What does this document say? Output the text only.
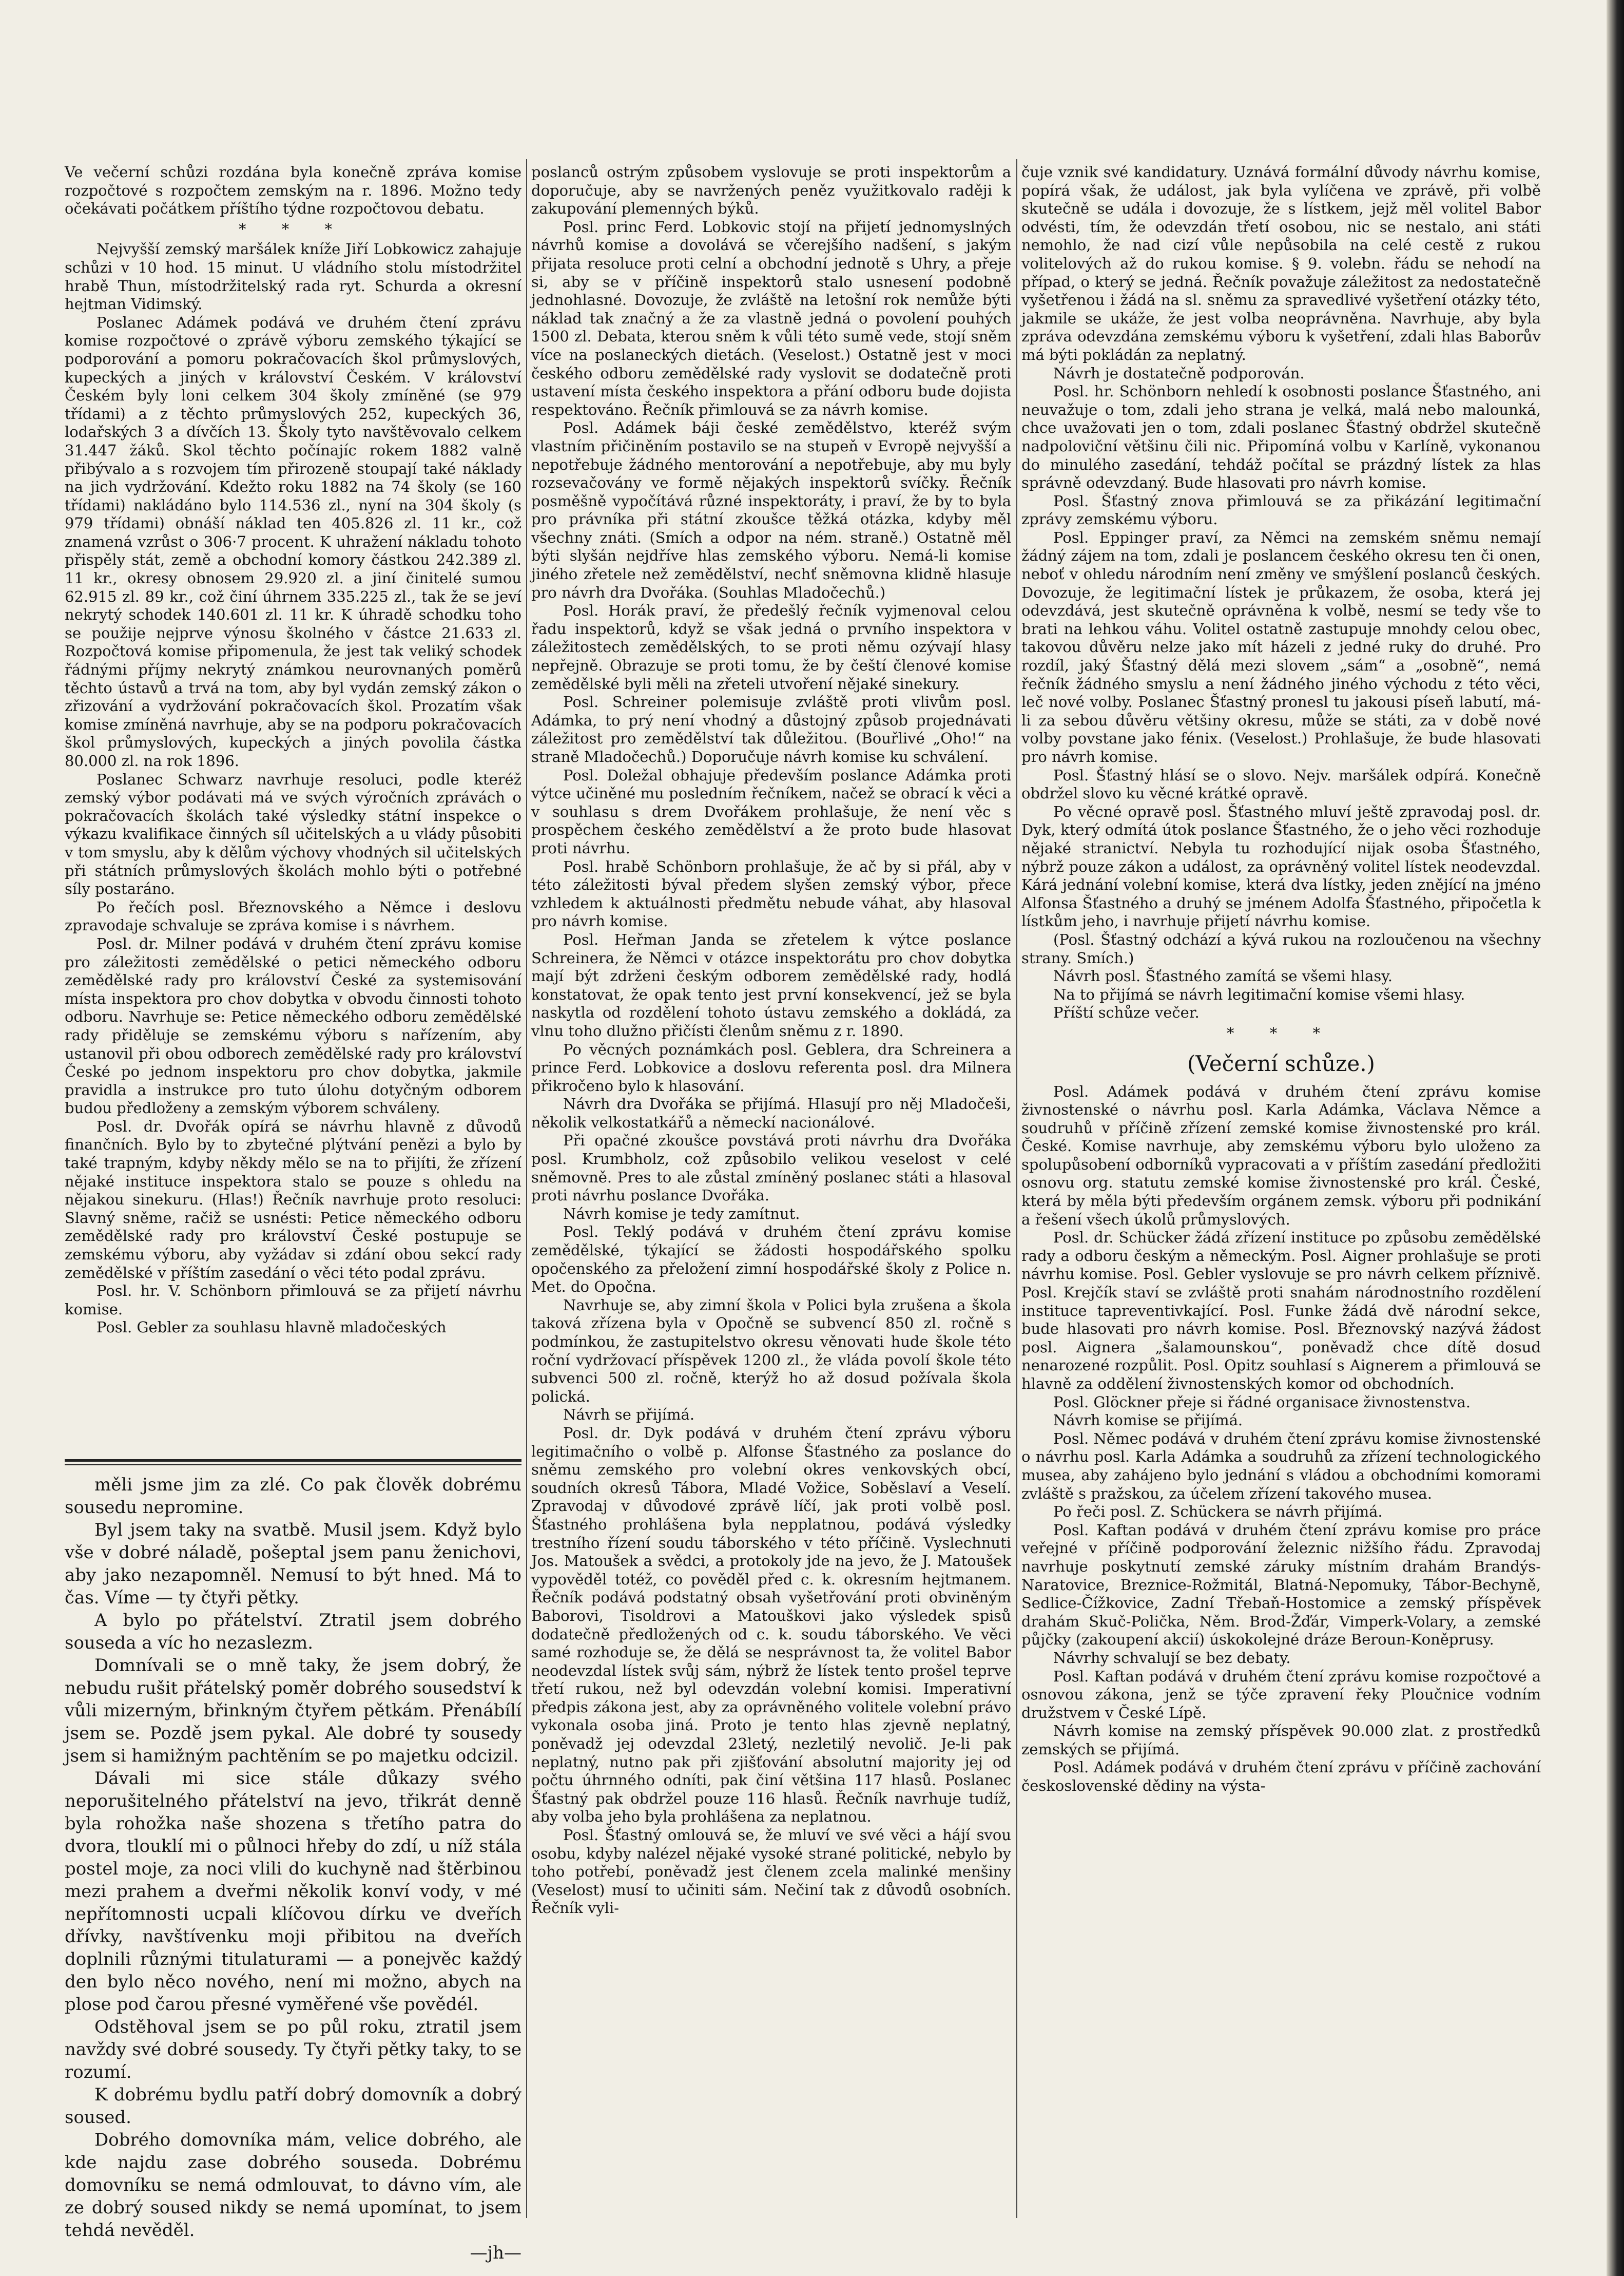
Ve večerní schůzi rozdána byla konečně zpráva komise rozpočtové s rozpočtem zemským na r. 1896. Možno tedy očekávati počátkem příštího týdne rozpočtovou debatu.

* * *

Nejvyšší zemský maršálek kníže Jiří Lobkowicz zahajuje schůzi v 10 hod. 15 minut. U vládního stolu místodržitel hrabě Thun, místodržitelský rada ryt. Schurda a okresní hejtman Vidimský.

Poslanec Adámek podává ve druhém čtení zprávu komise rozpočtové o zprávě výboru zemského týkající se podporování a pomoru pokračovacích škol průmyslových, kupeckých a jiných v království Českém. V království Českém byly loni celkem 304 školy zmíněné (se 979 třídami) a z těchto průmyslových 252, kupeckých 36, lodařských 3 a dívčích 13. Školy tyto navštěvovalo celkem 31.447 žáků. Skol těchto počínajíc rokem 1882 valně přibývalo a s rozvojem tím přirozeně stoupají také náklady na jich vydržování. Kdežto roku 1882 na 74 školy (se 160 třídami) nakládáno bylo 114.536 zl., nyní na 304 školy (s 979 třídami) obnáší náklad ten 405.826 zl. 11 kr., což znamená vzrůst o 306·7 procent. K uhražení nákladu tohoto přispěly stát, země a obchodní komory částkou 242.389 zl. 11 kr., okresy obnosem 29.920 zl. a jiní činitelé sumou 62.915 zl. 89 kr., což činí úhrnem 335.225 zl., tak že se jeví nekrytý schodek 140.601 zl. 11 kr. K úhradě schodku toho se použije nejprve výnosu školného v částce 21.633 zl. Rozpočtová komise připomenula, že jest tak veliký schodek řádnými příjmy nekrytý známkou neurovnaných poměrů těchto ústavů a trvá na tom, aby byl vydán zemský zákon o zřizování a vydržování pokračovacích škol. Prozatím však komise zmíněná navrhuje, aby se na podporu pokračovacích škol průmyslových, kupeckých a jiných povolila částka 80.000 zl. na rok 1896.

Poslanec Schwarz navrhuje resoluci, podle kteréž zemský výbor podávati má ve svých výročních zprávách o pokračovacích školách také výsledky státní inspekce o výkazu kvalifikace činných síl učitelských a u vlády působiti v tom smyslu, aby k dělům výchovy vhodných sil učitelských při státních průmyslových školách mohlo býti o potřebné síly postaráno.

Po řečích posl. Březnovského a Němce i deslovu zpravodaje schvaluje se zpráva komise i s návrhem.

Posl. dr. Milner podává v druhém čtení zprávu komise pro záležitosti zemědělské o petici německého odboru zemědělské rady pro království České za systemisování místa inspektora pro chov dobytka v obvodu činnosti tohoto odboru. Navrhuje se: Petice německého odboru zemědělské rady přiděluje se zemskému výboru s nařízením, aby ustanovil při obou odborech zemědělské rady pro království České po jednom inspektoru pro chov dobytka, jakmile pravidla a instrukce pro tuto úlohu dotyčným odborem budou předloženy a zemským výborem schváleny.

Posl. dr. Dvořák opírá se návrhu hlavně z důvodů finančních. Bylo by to zbytečné plýtvání penězi a bylo by také trapným, kdyby někdy mělo se na to přijíti, že zřízení nějaké instituce inspektora stalo se pouze s ohledu na nějakou sinekuru. (Hlas!) Řečník navrhuje proto resoluci: Slavný sněme, račiž se usnésti: Petice německého odboru zemědělské rady pro království České postupuje se zemskému výboru, aby vyžádav si zdání obou sekcí rady zemědělské v příštím zasedání o věci této podal zprávu.

Posl. hr. V. Schönborn přimlouvá se za přijetí návrhu komise.

Posl. Gebler za souhlasu hlavně mladočeských

měli jsme jim za zlé. Co pak člověk dobrému sousedu nepromine.

Byl jsem taky na svatbě. Musil jsem. Když bylo vše v dobré náladě, pošeptal jsem panu ženichovi, aby jako nezapomněl. Nemusí to být hned. Má to čas. Víme — ty čtyři pětky.

A bylo po přátelství. Ztratil jsem dobrého souseda a víc ho nezaslezm.

Domnívali se o mně taky, že jsem dobrý, že nebudu rušit přátelský poměr dobrého sousedství k vůli mizerným, břinkným čtyřem pětkám. Přenábílí jsem se. Pozdě jsem pykal. Ale dobré ty sousedy jsem si hamižným pachtěním se po majetku odcizil.

Dávali mi sice stále důkazy svého neporušitelného přátelství na jevo, třikrát denně byla rohožka naše shozena s třetího patra do dvora, tlouklí mi o půlnoci hřeby do zdí, u níž stála postel moje, za noci vlili do kuchyně nad štěrbinou mezi prahem a dveřmi několik konví vody, v mé nepřítomnosti ucpali klíčovou dírku ve dveřích dřívky, navštívenku moji přibitou na dveřích doplnili různými titulaturami — a ponejvěc každý den bylo něco nového, není mi možno, abych na plose pod čarou přesné vyměřené vše povědél.

Odstěhoval jsem se po půl roku, ztratil jsem navždy své dobré sousedy. Ty čtyři pětky taky, to se rozumí.

K dobrému bydlu patří dobrý domovník a dobrý soused.

Dobrého domovníka mám, velice dobrého, ale kde najdu zase dobrého souseda. Dobrému domovníku se nemá odmlouvat, to dávno vím, ale ze dobrý soused nikdy se nemá upomínat, to jsem tehdá nevěděl.

—jh—

poslanců ostrým způsobem vyslovuje se proti inspektorům a doporučuje, aby se navržených peněz využitkovalo raději k zakupování plemenných býků.

Posl. princ Ferd. Lobkovic stojí na přijetí jednomyslných návrhů komise a dovolává se včerejšího nadšení, s jakým přijata resoluce proti celní a obchodní jednotě s Uhry, a přeje si, aby se v příčině inspektorů stalo usnesení podobně jednohlasné. Dovozuje, že zvláště na letošní rok nemůže býti náklad tak značný a že za vlastně jedná o povolení pouhých 1500 zl. Debata, kterou sněm k vůli této sumě vede, stojí sněm více na poslaneckých dietách. (Veselost.) Ostatně jest v moci českého odboru zemědělské rady vyslovit se dodatečně proti ustavení místa českého inspektora a přání odboru bude dojista respektováno. Řečník přimlouvá se za návrh komise.

Posl. Adámek báji české zemědělstvo, kteréž svým vlastním přičiněním postavilo se na stupeň v Evropě nejvyšší a nepotřebuje žádného mentorování a nepotřebuje, aby mu byly rozsevačovány ve formě nějakých inspektorů svíčky. Řečník posměšně vypočítává různé inspektoráty, i praví, že by to byla pro právníka při státní zkoušce těžká otázka, kdyby měl všechny znáti. (Smích a odpor na ném. straně.) Ostatně měl býti slyšán nejdříve hlas zemského výboru. Nemá-li komise jiného zřetele než zemědělství, nechť sněmovna klidně hlasuje pro návrh dra Dvořáka. (Souhlas Mladočechů.)

Posl. Horák praví, že předešlý řečník vyjmenoval celou řadu inspektorů, když se však jedná o prvního inspektora v záležitostech zemědělských, to se proti němu ozývají hlasy nepřejně. Obrazuje se proti tomu, že by čeští členové komise zemědělské byli měli na zřeteli utvoření nějaké sinekury.

Posl. Schreiner polemisuje zvláště proti vlivům posl. Adámka, to prý není vhodný a důstojný způsob projednávati záležitost pro zemědělství tak důležitou. (Bouřlivé „Oho!“ na straně Mladočechů.) Doporučuje návrh komise ku schválení.

Posl. Doležal obhajuje především poslance Adámka proti výtce učiněné mu posledním řečníkem, načež se obrací k věci a v souhlasu s drem Dvořákem prohlašuje, že není věc s prospěchem českého zemědělství a že proto bude hlasovat proti návrhu.

Posl. hrabě Schönborn prohlašuje, že ač by si přál, aby v této záležitosti býval předem slyšen zemský výbor, přece vzhledem k aktuálnosti předmětu nebude váhat, aby hlasoval pro návrh komise.

Posl. Heřman Janda se zřetelem k výtce poslance Schreinera, že Němci v otázce inspektorátu pro chov dobytka mají být zdrženi českým odborem zemědělské rady, hodlá konstatovat, že opak tento jest první konsekvencí, jež se byla naskytla od rozdělení tohoto ústavu zemského a dokládá, za vlnu toho dlužno přičísti členům sněmu z r. 1890.

Po věcných poznámkách posl. Geblera, dra Schreinera a prince Ferd. Lobkovice a doslovu referenta posl. dra Milnera přikročeno bylo k hlasování.

Návrh dra Dvořáka se přijímá. Hlasují pro něj Mladočeši, několik velkostatkářů a německí nacionálové.

Při opačné zkoušce povstává proti návrhu dra Dvořáka posl. Krumbholz, což způsobilo velikou veselost v celé sněmovně. Pres to ale zůstal zmíněný poslanec státi a hlasoval proti návrhu poslance Dvořáka.

Návrh komise je tedy zamítnut.

Posl. Teklý podává v druhém čtení zprávu komise zemědělské, týkající se žádosti hospodářského spolku opočenského za přeložení zimní hospodářské školy z Police n. Met. do Opočna.

Navrhuje se, aby zimní škola v Polici byla zrušena a škola taková zřízena byla v Opočně se subvencí 850 zl. ročně s podmínkou, že zastupitelstvo okresu věnovati hude škole této roční vydržovací příspěvek 1200 zl., že vláda povolí škole této subvenci 500 zl. ročně, kterýž ho až dosud požívala škola polická.

Návrh se přijímá.

Posl. dr. Dyk podává v druhém čtení zprávu výboru legitimačního o volbě p. Alfonse Šťastného za poslance do sněmu zemského pro volební okres venkovských obcí, soudních okresů Tábora, Mladé Vožice, Soběslaví a Veselí. Zpravodaj v důvodové zprávě líčí, jak proti volbě posl. Šťastného prohlášena byla nepplatnou, podává výsledky trestního řízení soudu táborského v této příčině. Vyslechnuti Jos. Matoušek a svědci, a protokoly jde na jevo, že J. Matoušek vypověděl totéž, co pověděl před c. k. okresním hejtmanem. Řečník podává podstatný obsah vyšetřování proti obviněným Baborovi, Tisoldrovi a Matouškovi jako výsledek spisů dodatečně předložených od c. k. soudu táborského. Ve věci samé rozhoduje se, že dělá se nesprávnost ta, že volitel Babor neodevzdal lístek svůj sám, nýbrž že lístek tento prošel teprve třetí rukou, než byl odevzdán volební komisi. Imperativní předpis zákona jest, aby za oprávněného volitele volební právo vykonala osoba jiná. Proto je tento hlas zjevně neplatný, poněvadž jej odevzdal 23letý, nezletilý nevolič. Je-li pak neplatný, nutno pak při zjišťování absolutní majority jej od počtu úhrnného odníti, pak činí většina 117 hlasů. Poslanec Šťastný pak obdržel pouze 116 hlasů. Řečník navrhuje tudíž, aby volba jeho byla prohlášena za neplatnou.

Posl. Šťastný omlouvá se, že mluví ve své věci a hájí svou osobu, kdyby nalézel nějaké vysoké strané politické, nebylo by toho potřebí, poněvadž jest členem zcela malinké menšiny (Veselost) musí to učiniti sám. Nečiní tak z důvodů osobních. Řečník vyli-

čuje vznik své kandidatury. Uznává formální důvody návrhu komise, popírá však, že událost, jak byla vylíčena ve zprávě, při volbě skutečně se udála i dovozuje, že s lístkem, jejž měl volitel Babor odvésti, tím, že odevzdán třetí osobou, nic se nestalo, ani státi nemohlo, že nad cizí vůle nepůsobila na celé cestě z rukou volitelových až do rukou komise. § 9. volebn. řádu se nehodí na případ, o který se jedná. Řečník považuje záležitost za nedostatečně vyšetřenou i žádá na sl. sněmu za spravedlivé vyšetření otázky této, jakmile se ukáže, že jest volba neoprávněna. Navrhuje, aby byla zpráva odevzdána zemskému výboru k vyšetření, zdali hlas Baborův má býti pokládán za neplatný.

Návrh je dostatečně podporován.

Posl. hr. Schönborn nehledí k osobnosti poslance Šťastného, ani neuvažuje o tom, zdali jeho strana je velká, malá nebo malounká, chce uvažovati jen o tom, zdali poslanec Šťastný obdržel skutečně nadpoloviční většinu čili nic. Připomíná volbu v Karlíně, vykonanou do minulého zasedání, tehdáž počítal se prázdný lístek za hlas správně odevzdaný. Bude hlasovati pro návrh komise.

Posl. Šťastný znova přimlouvá se za přikázání legitimační zprávy zemskému výboru.

Posl. Eppinger praví, za Němci na zemském sněmu nemají žádný zájem na tom, zdali je poslancem českého okresu ten či onen, neboť v ohledu národním není změny ve smýšlení poslanců českých. Dovozuje, že legitimační lístek je průkazem, že osoba, která jej odevzdává, jest skutečně oprávněna k volbě, nesmí se tedy vše to brati na lehkou váhu. Volitel ostatně zastupuje mnohdy celou obec, takovou důvěru nelze jako mít házeli z jedné ruky do druhé. Pro rozdíl, jaký Šťastný dělá mezi slovem „sám“ a „osobně“, nemá řečník žádného smyslu a není žádného jiného východu z této věci, leč nové volby. Poslanec Šťastný pronesl tu jakousi píseň labutí, má-li za sebou důvěru většiny okresu, může se státi, za v době nové volby povstane jako fénix. (Veselost.) Prohlašuje, že bude hlasovati pro návrh komise.

Posl. Šťastný hlásí se o slovo. Nejv. maršálek odpírá. Konečně obdržel slovo ku věcné krátké opravě.

Po věcné opravě posl. Šťastného mluví ještě zpravodaj posl. dr. Dyk, který odmítá útok poslance Šťastného, že o jeho věci rozhoduje nějaké stranictví. Nebyla tu rozhodující nijak osoba Šťastného, nýbrž pouze zákon a událost, za oprávněný volitel lístek neodevzdal. Kárá jednání volební komise, která dva lístky, jeden znějící na jméno Alfonsa Šťastného a druhý se jménem Adolfa Šťastného, připočetla k lístkům jeho, i navrhuje přijetí návrhu komise.

(Posl. Šťastný odchází a kývá rukou na rozloučenou na všechny strany. Smích.)

Návrh posl. Šťastného zamítá se všemi hlasy.

Na to přijímá se návrh legitimační komise všemi hlasy.

Příští schůze večer.

* * *
(Večerní schůze.)

Posl. Adámek podává v druhém čtení zprávu komise živnostenské o návrhu posl. Karla Adámka, Václava Němce a soudruhů v příčině zřízení zemské komise živnostenské pro král. České. Komise navrhuje, aby zemskému výboru bylo uloženo za spolupůsobení odborníků vypracovati a v příštím zasedání předložiti osnovu org. statutu zemské komise živnostenské pro král. České, která by měla býti především orgánem zemsk. výboru při podnikání a řešení všech úkolů průmyslových.

Posl. dr. Schücker žádá zřízení instituce po způsobu zemědělské rady a odboru českým a německým. Posl. Aigner prohlašuje se proti návrhu komise. Posl. Gebler vyslovuje se pro návrh celkem příznivě. Posl. Krejčík staví se zvláště proti snahám národnostního rozdělení instituce tapreventivkající. Posl. Funke žádá dvě národní sekce, bude hlasovati pro návrh komise. Posl. Březnovský nazývá žádost posl. Aignera „šalamounskou“, poněvadž chce dítě dosud nenarozené rozpůlit. Posl. Opitz souhlasí s Aignerem a přimlouvá se hlavně za oddělení živnostenských komor od obchodních.

Posl. Glöckner přeje si řádné organisace živnostenstva.

Návrh komise se přijímá.

Posl. Němec podává v druhém čtení zprávu komise živnostenské o návrhu posl. Karla Adámka a soudruhů za zřízení technologického musea, aby zahájeno bylo jednání s vládou a obchodními komorami zvláště s pražskou, za účelem zřízení takového musea.

Po řeči posl. Z. Schückera se návrh přijímá.

Posl. Kaftan podává v druhém čtení zprávu komise pro práce veřejné v příčině podporování železnic nižšího řádu. Zpravodaj navrhuje poskytnutí zemské záruky místním drahám Brandýs-Naratovice, Breznice-Rožmitál, Blatná-Nepomuky, Tábor-Bechyně, Sedlice-Čížkovice, Zadní Třebaň-Hostomice a zemský příspěvek drahám Skuč-Polička, Něm. Brod-Žďár, Vimperk-Volary, a zemské půjčky (zakoupení akcií) úskokolejné dráze Beroun-Koněprusy.

Návrhy schvalují se bez debaty.

Posl. Kaftan podává v druhém čtení zprávu komise rozpočtové a osnovou zákona, jenž se týče zpravení řeky Ploučnice vodním družstvem v České Lípě.

Návrh komise na zemský příspěvek 90.000 zlat. z prostředků zemských se přijímá.

Posl. Adámek podává v druhém čtení zprávu v příčině zachování československé dědiny na výsta-
